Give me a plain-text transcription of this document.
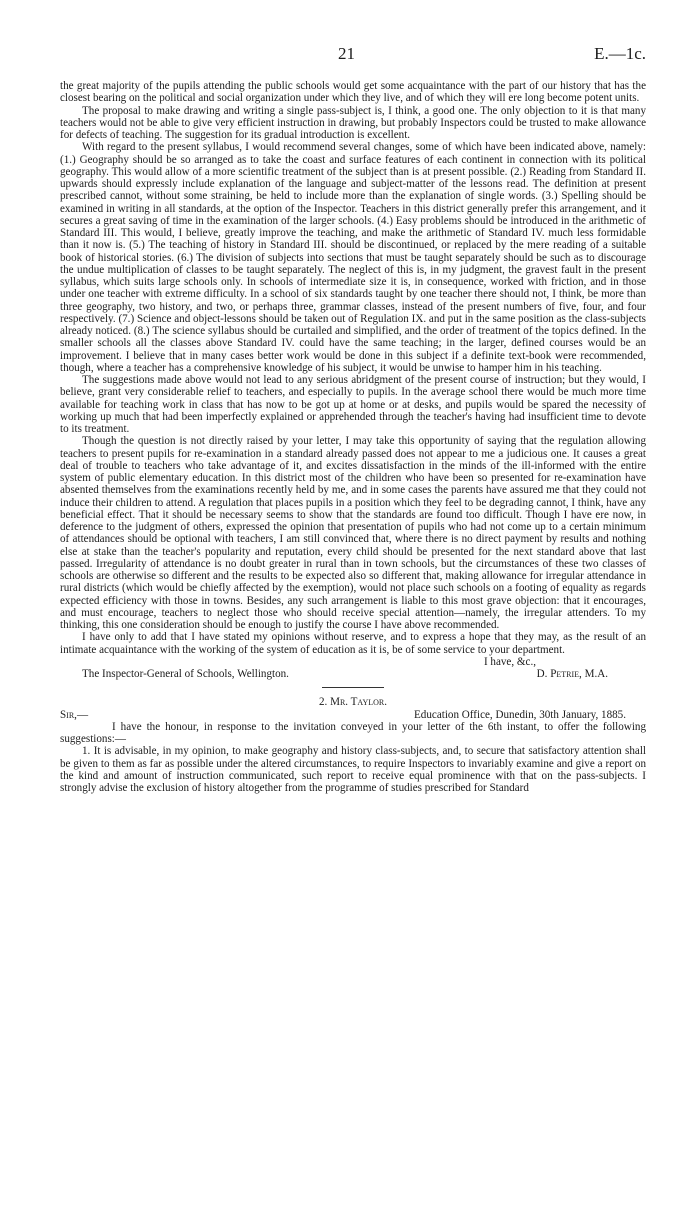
21	E.—1c.

the great majority of the pupils attending the public schools would get some acquaintance with the part of our history that has the closest bearing on the political and social organization under which they live, and of which they will ere long become potent units.

The proposal to make drawing and writing a single pass-subject is, I think, a good one. The only objection to it is that many teachers would not be able to give very efficient instruction in drawing, but probably Inspectors could be trusted to make allowance for defects of teaching. The suggestion for its gradual introduction is excellent.

With regard to the present syllabus, I would recommend several changes, some of which have been indicated above, namely: (1.) Geography should be so arranged as to take the coast and surface features of each continent in connection with its political geography. This would allow of a more scientific treatment of the subject than is at present possible. (2.) Reading from Standard II. upwards should expressly include explanation of the language and subject-matter of the lessons read. The definition at present prescribed cannot, without some straining, be held to include more than the explanation of single words. (3.) Spelling should be examined in writing in all standards, at the option of the Inspector. Teachers in this district generally prefer this arrangement, and it secures a great saving of time in the examination of the larger schools. (4.) Easy problems should be introduced in the arithmetic of Standard III. This would, I believe, greatly improve the teaching, and make the arithmetic of Standard IV. much less formidable than it now is. (5.) The teaching of history in Standard III. should be discontinued, or replaced by the mere reading of a suitable book of historical stories. (6.) The division of subjects into sections that must be taught separately should be such as to discourage the undue multiplication of classes to be taught separately. The neglect of this is, in my judgment, the gravest fault in the present syllabus, which suits large schools only. In schools of intermediate size it is, in consequence, worked with friction, and in those under one teacher with extreme difficulty. In a school of six standards taught by one teacher there should not, I think, be more than three geography, two history, and two, or perhaps three, grammar classes, instead of the present numbers of five, four, and four respectively. (7.) Science and object-lessons should be taken out of Regulation IX. and put in the same position as the class-subjects already noticed. (8.) The science syllabus should be curtailed and simplified, and the order of treatment of the topics defined. In the smaller schools all the classes above Standard IV. could have the same teaching; in the larger, defined courses would be an improvement. I believe that in many cases better work would be done in this subject if a definite text-book were recommended, though, where a teacher has a comprehensive knowledge of his subject, it would be unwise to hamper him in his teaching.

The suggestions made above would not lead to any serious abridgment of the present course of instruction; but they would, I believe, grant very considerable relief to teachers, and especially to pupils. In the average school there would be much more time available for teaching work in class that has now to be got up at home or at desks, and pupils would be spared the necessity of working up much that had been imperfectly explained or apprehended through the teacher's having had insufficient time to devote to its treatment.

Though the question is not directly raised by your letter, I may take this opportunity of saying that the regulation allowing teachers to present pupils for re-examination in a standard already passed does not appear to me a judicious one. It causes a great deal of trouble to teachers who take advantage of it, and excites dissatisfaction in the minds of the ill-informed with the entire system of public elementary education. In this district most of the children who have been so presented for re-examination have absented themselves from the examinations recently held by me, and in some cases the parents have assured me that they could not induce their children to attend. A regulation that places pupils in a position which they feel to be degrading cannot, I think, have any beneficial effect. That it should be necessary seems to show that the standards are found too difficult. Though I have ere now, in deference to the judgment of others, expressed the opinion that presentation of pupils who had not come up to a certain minimum of attendances should be optional with teachers, I am still convinced that, where there is no direct payment by results and nothing else at stake than the teacher's popularity and reputation, every child should be presented for the next standard above that last passed. Irregularity of attendance is no doubt greater in rural than in town schools, but the circumstances of these two classes of schools are otherwise so different and the results to be expected also so different that, making allowance for irregular attendance in rural districts (which would be chiefly affected by the exemption), would not place such schools on a footing of equality as regards expected efficiency with those in towns. Besides, any such arrangement is liable to this most grave objection: that it encourages, and must encourage, teachers to neglect those who should receive special attention—namely, the irregular attenders. To my thinking, this one consideration should be enough to justify the course I have above recommended.

I have only to add that I have stated my opinions without reserve, and to express a hope that they may, as the result of an intimate acquaintance with the working of the system of education as it is, be of some service to your department.

I have, &c.,

The Inspector-General of Schools, Wellington.	D. Petrie, M.A.

2. Mr. Taylor.

Sir,—	Education Office, Dunedin, 30th January, 1885.

I have the honour, in response to the invitation conveyed in your letter of the 6th instant, to offer the following suggestions:—

1. It is advisable, in my opinion, to make geography and history class-subjects, and, to secure that satisfactory attention shall be given to them as far as possible under the altered circumstances, to require Inspectors to invariably examine and give a report on the kind and amount of instruction communicated, such report to receive equal prominence with that on the pass-subjects. I strongly advise the exclusion of history altogether from the programme of studies prescribed for Standard
